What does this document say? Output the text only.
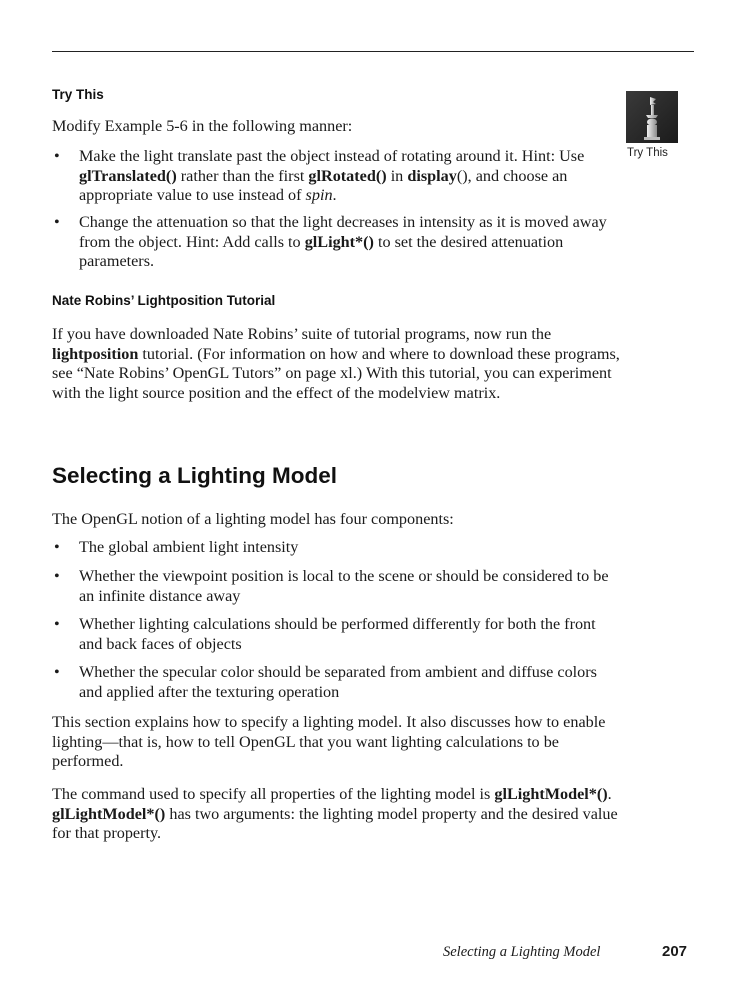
Try This

Modify Example 5-6 in the following manner:

• Make the light translate past the object instead of rotating around it. Hint: Use glTranslated() rather than the first glRotated() in display(), and choose an appropriate value to use instead of spin.
• Change the attenuation so that the light decreases in intensity as it is moved away from the object. Hint: Add calls to glLight*() to set the desired attenuation parameters.
Try This
Nate Robins’ Lightposition Tutorial

If you have downloaded Nate Robins’ suite of tutorial programs, now run the lightposition tutorial. (For information on how and where to download these programs, see “Nate Robins’ OpenGL Tutors” on page xl.) With this tutorial, you can experiment with the light source position and the effect of the modelview matrix.

Selecting a Lighting Model

The OpenGL notion of a lighting model has four components:

• The global ambient light intensity
• Whether the viewpoint position is local to the scene or should be considered to be an infinite distance away
• Whether lighting calculations should be performed differently for both the front and back faces of objects
• Whether the specular color should be separated from ambient and diffuse colors and applied after the texturing operation

This section explains how to specify a lighting model. It also discusses how to enable lighting—that is, how to tell OpenGL that you want lighting calculations to be performed.

The command used to specify all properties of the lighting model is glLightModel*(). glLightModel*() has two arguments: the lighting model property and the desired value for that property.

Selecting a Lighting Model	207
